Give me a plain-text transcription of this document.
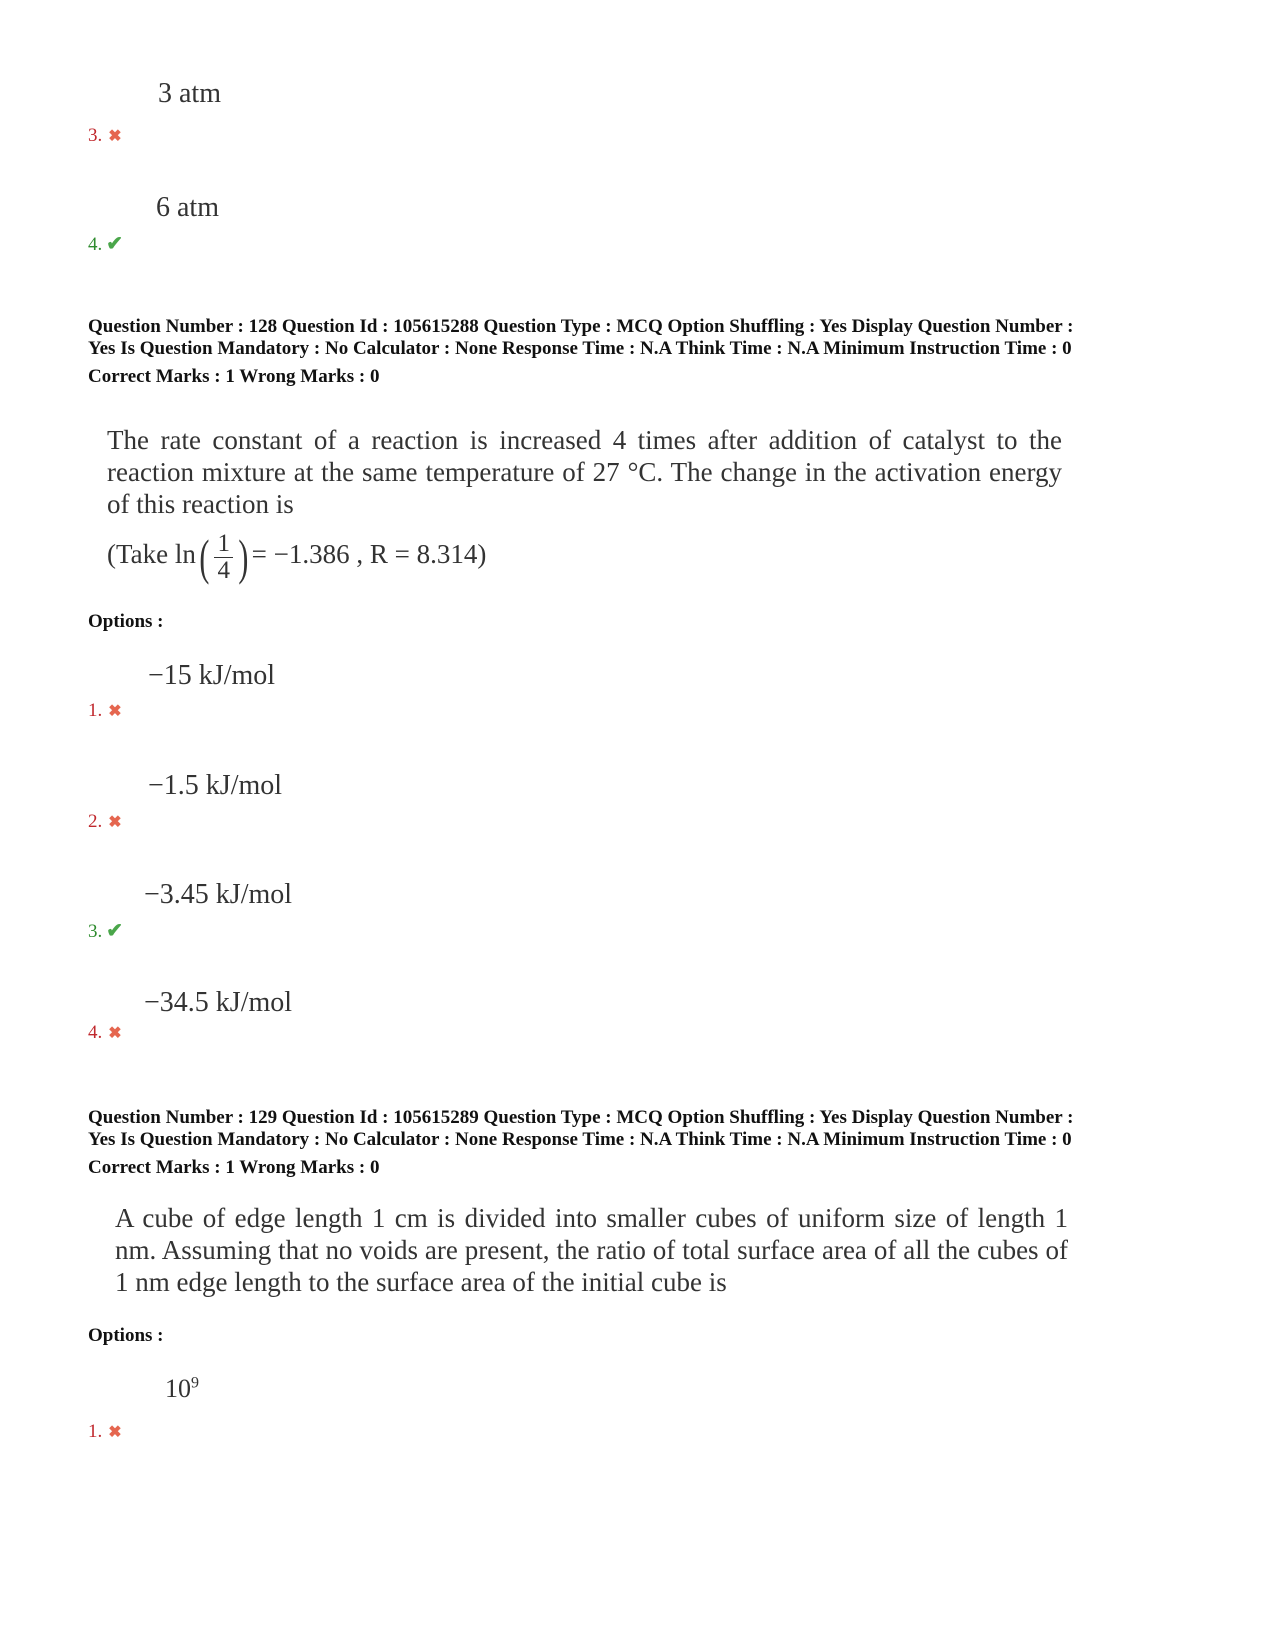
3 atm
3. ✖
6 atm
4. ✔
Question Number : 128 Question Id : 105615288 Question Type : MCQ Option Shuffling : Yes Display Question Number :
Yes Is Question Mandatory : No Calculator : None Response Time : N.A Think Time : N.A Minimum Instruction Time : 0
Correct Marks : 1 Wrong Marks : 0
The rate constant of a reaction is increased 4 times after addition of catalyst to the reaction mixture at the same temperature of 27 °C. The change in the activation energy of this reaction is
(Take $\ln( \frac{1}{4}$ ) = −1.386 , R = 8.314)
Options :
−15 kJ/mol
1. ✖
−1.5 kJ/mol
2. ✖
−3.45 kJ/mol
3. ✔
−34.5 kJ/mol
4. ✖
Question Number : 129 Question Id : 105615289 Question Type : MCQ Option Shuffling : Yes Display Question Number :
Yes Is Question Mandatory : No Calculator : None Response Time : N.A Think Time : N.A Minimum Instruction Time : 0
Correct Marks : 1 Wrong Marks : 0
A cube of edge length 1 cm is divided into smaller cubes of uniform size of length 1 nm. Assuming that no voids are present, the ratio of total surface area of all the cubes of 1 nm edge length to the surface area of the initial cube is
Options :
$10^9$
1. ✖
